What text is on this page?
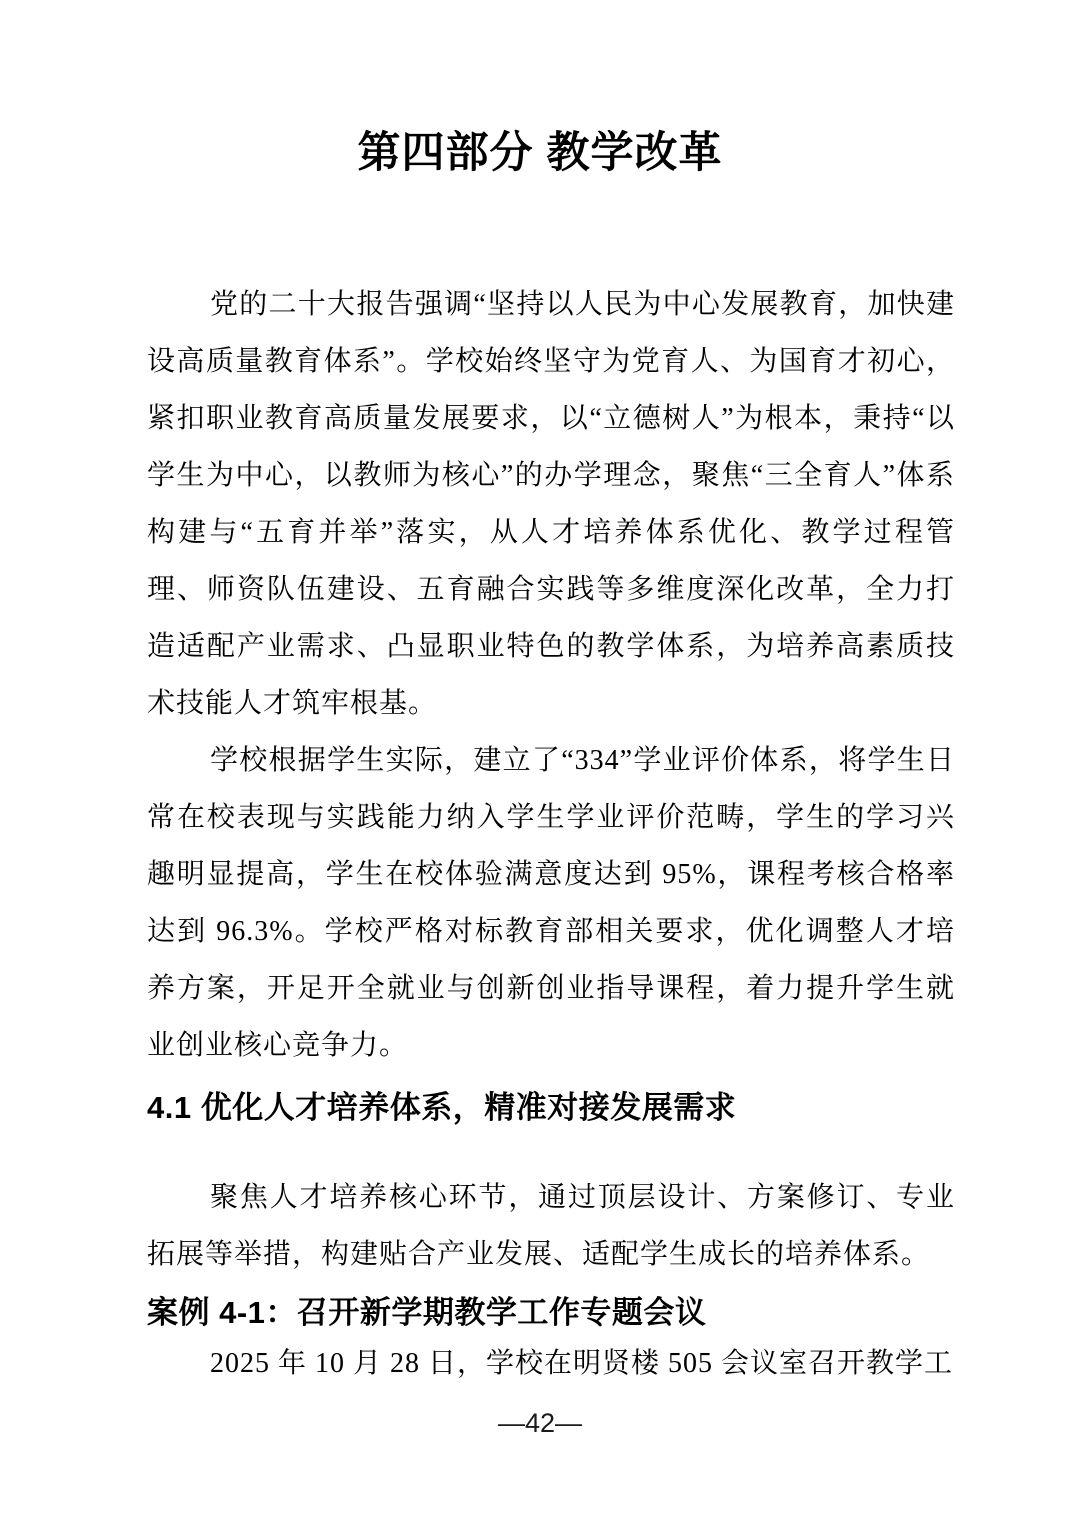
第四部分 教学改革

党的二十大报告强调“坚持以人民为中心发展教育，加快建设高质量教育体系”。学校始终坚守为党育人、为国育才初心，紧扣职业教育高质量发展要求，以“立德树人”为根本，秉持“以学生为中心，以教师为核心”的办学理念，聚焦“三全育人”体系构建与“五育并举”落实，从人才培养体系优化、教学过程管理、师资队伍建设、五育融合实践等多维度深化改革，全力打造适配产业需求、凸显职业特色的教学体系，为培养高素质技术技能人才筑牢根基。

学校根据学生实际，建立了“334”学业评价体系，将学生日常在校表现与实践能力纳入学生学业评价范畴，学生的学习兴趣明显提高，学生在校体验满意度达到 95%，课程考核合格率达到 96.3%。学校严格对标教育部相关要求，优化调整人才培养方案，开足开全就业与创新创业指导课程，着力提升学生就业创业核心竞争力。

4.1 优化人才培养体系，精准对接发展需求

聚焦人才培养核心环节，通过顶层设计、方案修订、专业拓展等举措，构建贴合产业发展、适配学生成长的培养体系。

案例 4-1：召开新学期教学工作专题会议

2025 年 10 月 28 日，学校在明贤楼 505 会议室召开教学工

—42—
